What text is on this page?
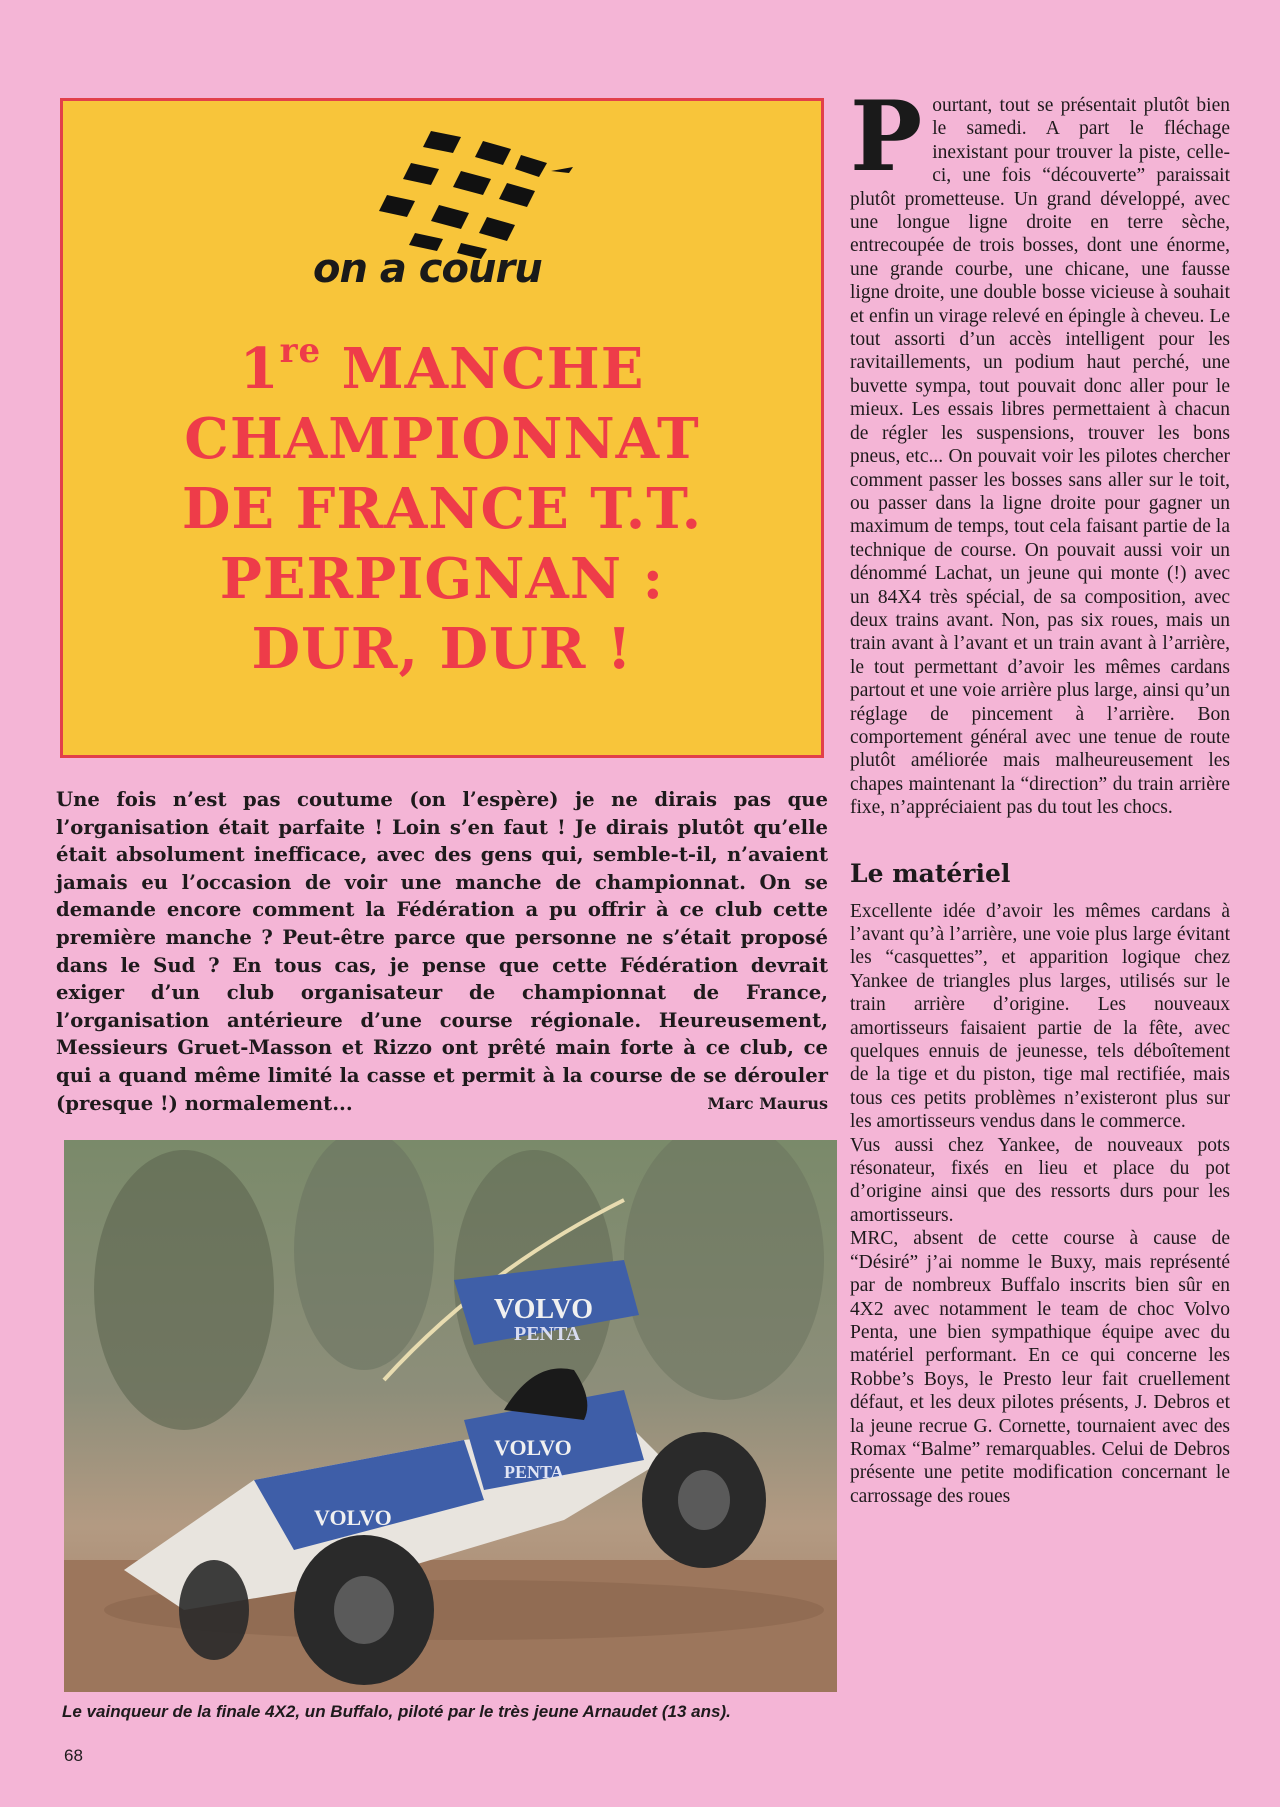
on a couru
1re MANCHE
CHAMPIONNAT
DE FRANCE T.T.
PERPIGNAN :
DUR, DUR !

Pourtant, tout se présentait plutôt bien le samedi. A part le fléchage inexistant pour trouver la piste, celle-ci, une fois “découverte” paraissait plutôt prometteuse. Un grand développé, avec une longue ligne droite en terre sèche, entrecoupée de trois bosses, dont une énorme, une grande courbe, une chicane, une fausse ligne droite, une double bosse vicieuse à souhait et enfin un virage relevé en épingle à cheveu. Le tout assorti d’un accès intelligent pour les ravitaillements, un podium haut perché, une buvette sympa, tout pouvait donc aller pour le mieux. Les essais libres permettaient à chacun de régler les suspensions, trouver les bons pneus, etc... On pouvait voir les pilotes chercher comment passer les bosses sans aller sur le toit, ou passer dans la ligne droite pour gagner un maximum de temps, tout cela faisant partie de la technique de course. On pouvait aussi voir un dénommé Lachat, un jeune qui monte (!) avec un 84X4 très spécial, de sa composition, avec deux trains avant. Non, pas six roues, mais un train avant à l’avant et un train avant à l’arrière, le tout permettant d’avoir les mêmes cardans partout et une voie arrière plus large, ainsi qu’un réglage de pincement à l’arrière. Bon comportement général avec une tenue de route plutôt améliorée mais malheureusement les chapes maintenant la “direction” du train arrière fixe, n’appréciaient pas du tout les chocs.

Le matériel

Excellente idée d’avoir les mêmes cardans à l’avant qu’à l’arrière, une voie plus large évitant les “casquettes”, et apparition logique chez Yankee de triangles plus larges, utilisés sur le train arrière d’origine. Les nouveaux amortisseurs faisaient partie de la fête, avec quelques ennuis de jeunesse, tels déboîtement de la tige et du piston, tige mal rectifiée, mais tous ces petits problèmes n’existeront plus sur les amortisseurs vendus dans le commerce.

Vus aussi chez Yankee, de nouveaux pots résonateur, fixés en lieu et place du pot d’origine ainsi que des ressorts durs pour les amortisseurs.

MRC, absent de cette course à cause de “Désiré” j’ai nomme le Buxy, mais représenté par de nombreux Buffalo inscrits bien sûr en 4X2 avec notamment le team de choc Volvo Penta, une bien sympathique équipe avec du matériel performant. En ce qui concerne les Robbe’s Boys, le Presto leur fait cruellement défaut, et les deux pilotes présents, J. Debros et la jeune recrue G. Cornette, tournaient avec des Romax “Balme” remarquables. Celui de Debros présente une petite modification concernant le carrossage des roues

Une fois n’est pas coutume (on l’espère) je ne dirais pas que l’organisation était parfaite ! Loin s’en faut ! Je dirais plutôt qu’elle était absolument inefficace, avec des gens qui, semble-t-il, n’avaient jamais eu l’occasion de voir une manche de championnat. On se demande encore comment la Fédération a pu offrir à ce club cette première manche ? Peut-être parce que personne ne s’était proposé dans le Sud ? En tous cas, je pense que cette Fédération devrait exiger d’un club organisateur de championnat de France, l’organisation antérieure d’une course régionale. Heureusement, Messieurs Gruet-Masson et Rizzo ont prêté main forte à ce club, ce qui a quand même limité la casse et permit à la course de se dérouler (presque !) normalement...	Marc Maurus
VOLVO
PENTA
VOLVO
VOLVO
PENTA
Le vainqueur de la finale 4X2, un Buffalo, piloté par le très jeune Arnaudet (13 ans).
68
